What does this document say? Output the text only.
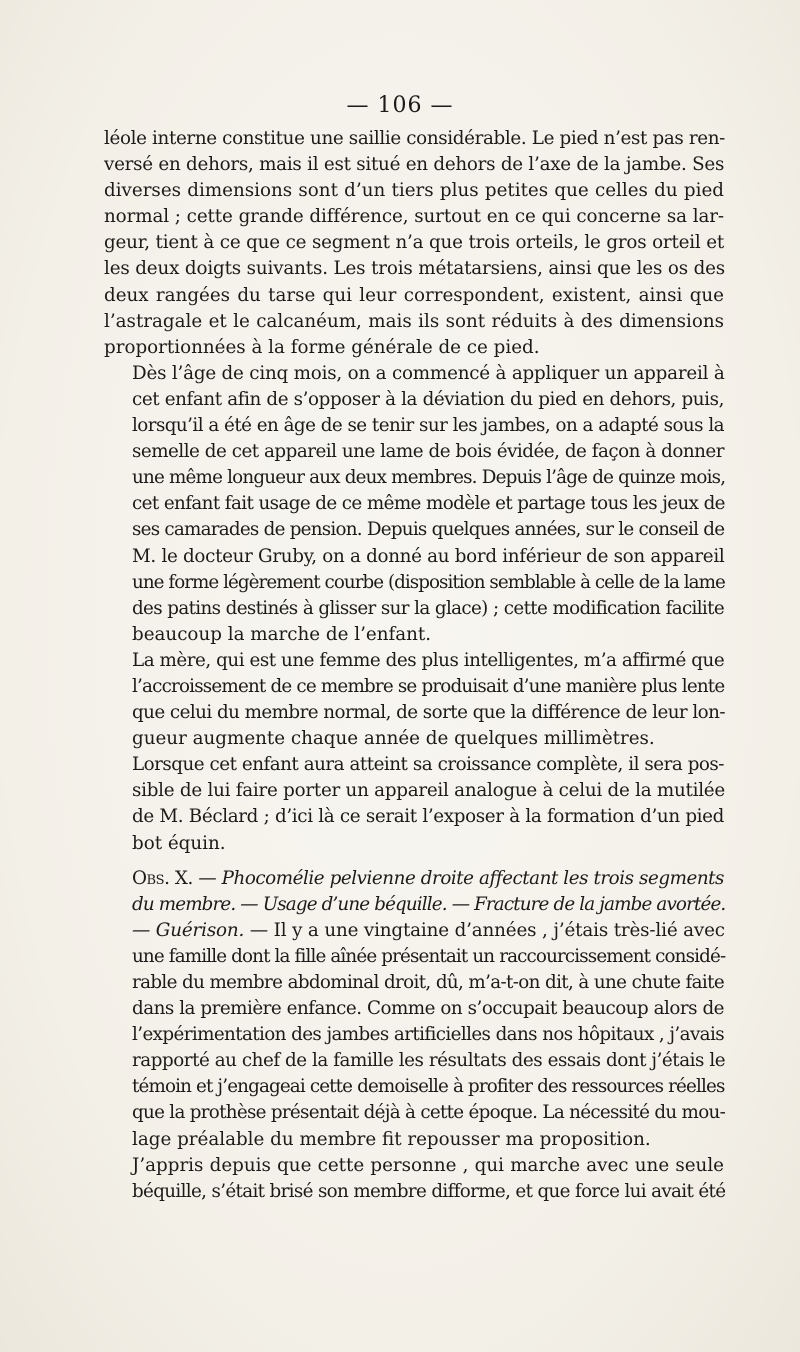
— 106 —
léole interne constitue une saillie considérable. Le pied n’est pas ren-
versé en dehors, mais il est situé en dehors de l’axe de la jambe. Ses
diverses dimensions sont d’un tiers plus petites que celles du pied
normal ; cette grande différence, surtout en ce qui concerne sa lar-
geur, tient à ce que ce segment n’a que trois orteils, le gros orteil et
les deux doigts suivants. Les trois métatarsiens, ainsi que les os des
deux rangées du tarse qui leur correspondent, existent, ainsi que
l’astragale et le calcanéum, mais ils sont réduits à des dimensions
proportionnées à la forme générale de ce pied.
Dès l’âge de cinq mois, on a commencé à appliquer un appareil à
cet enfant afin de s’opposer à la déviation du pied en dehors, puis,
lorsqu’il a été en âge de se tenir sur les jambes, on a adapté sous la
semelle de cet appareil une lame de bois évidée, de façon à donner
une même longueur aux deux membres. Depuis l’âge de quinze mois,
cet enfant fait usage de ce même modèle et partage tous les jeux de
ses camarades de pension. Depuis quelques années, sur le conseil de
M. le docteur Gruby, on a donné au bord inférieur de son appareil
une forme légèrement courbe (disposition semblable à celle de la lame
des patins destinés à glisser sur la glace) ; cette modification facilite
beaucoup la marche de l’enfant.
La mère, qui est une femme des plus intelligentes, m’a affirmé que
l’accroissement de ce membre se produisait d’une manière plus lente
que celui du membre normal, de sorte que la différence de leur lon-
gueur augmente chaque année de quelques millimètres.
Lorsque cet enfant aura atteint sa croissance complète, il sera pos-
sible de lui faire porter un appareil analogue à celui de la mutilée
de M. Béclard ; d’ici là ce serait l’exposer à la formation d’un pied
bot équin.
Obs. X. — Phocomélie pelvienne droite affectant les trois segments
du membre. — Usage d’une béquille. — Fracture de la jambe avortée.
— Guérison. — Il y a une vingtaine d’années , j’étais très-lié avec
une famille dont la fille aînée présentait un raccourcissement considé-
rable du membre abdominal droit, dû, m’a-t-on dit, à une chute faite
dans la première enfance. Comme on s’occupait beaucoup alors de
l’expérimentation des jambes artificielles dans nos hôpitaux , j’avais
rapporté au chef de la famille les résultats des essais dont j’étais le
témoin et j’engageai cette demoiselle à profiter des ressources réelles
que la prothèse présentait déjà à cette époque. La nécessité du mou-
lage préalable du membre fit repousser ma proposition.
J’appris depuis que cette personne , qui marche avec une seule
béquille, s’était brisé son membre difforme, et que force lui avait été
